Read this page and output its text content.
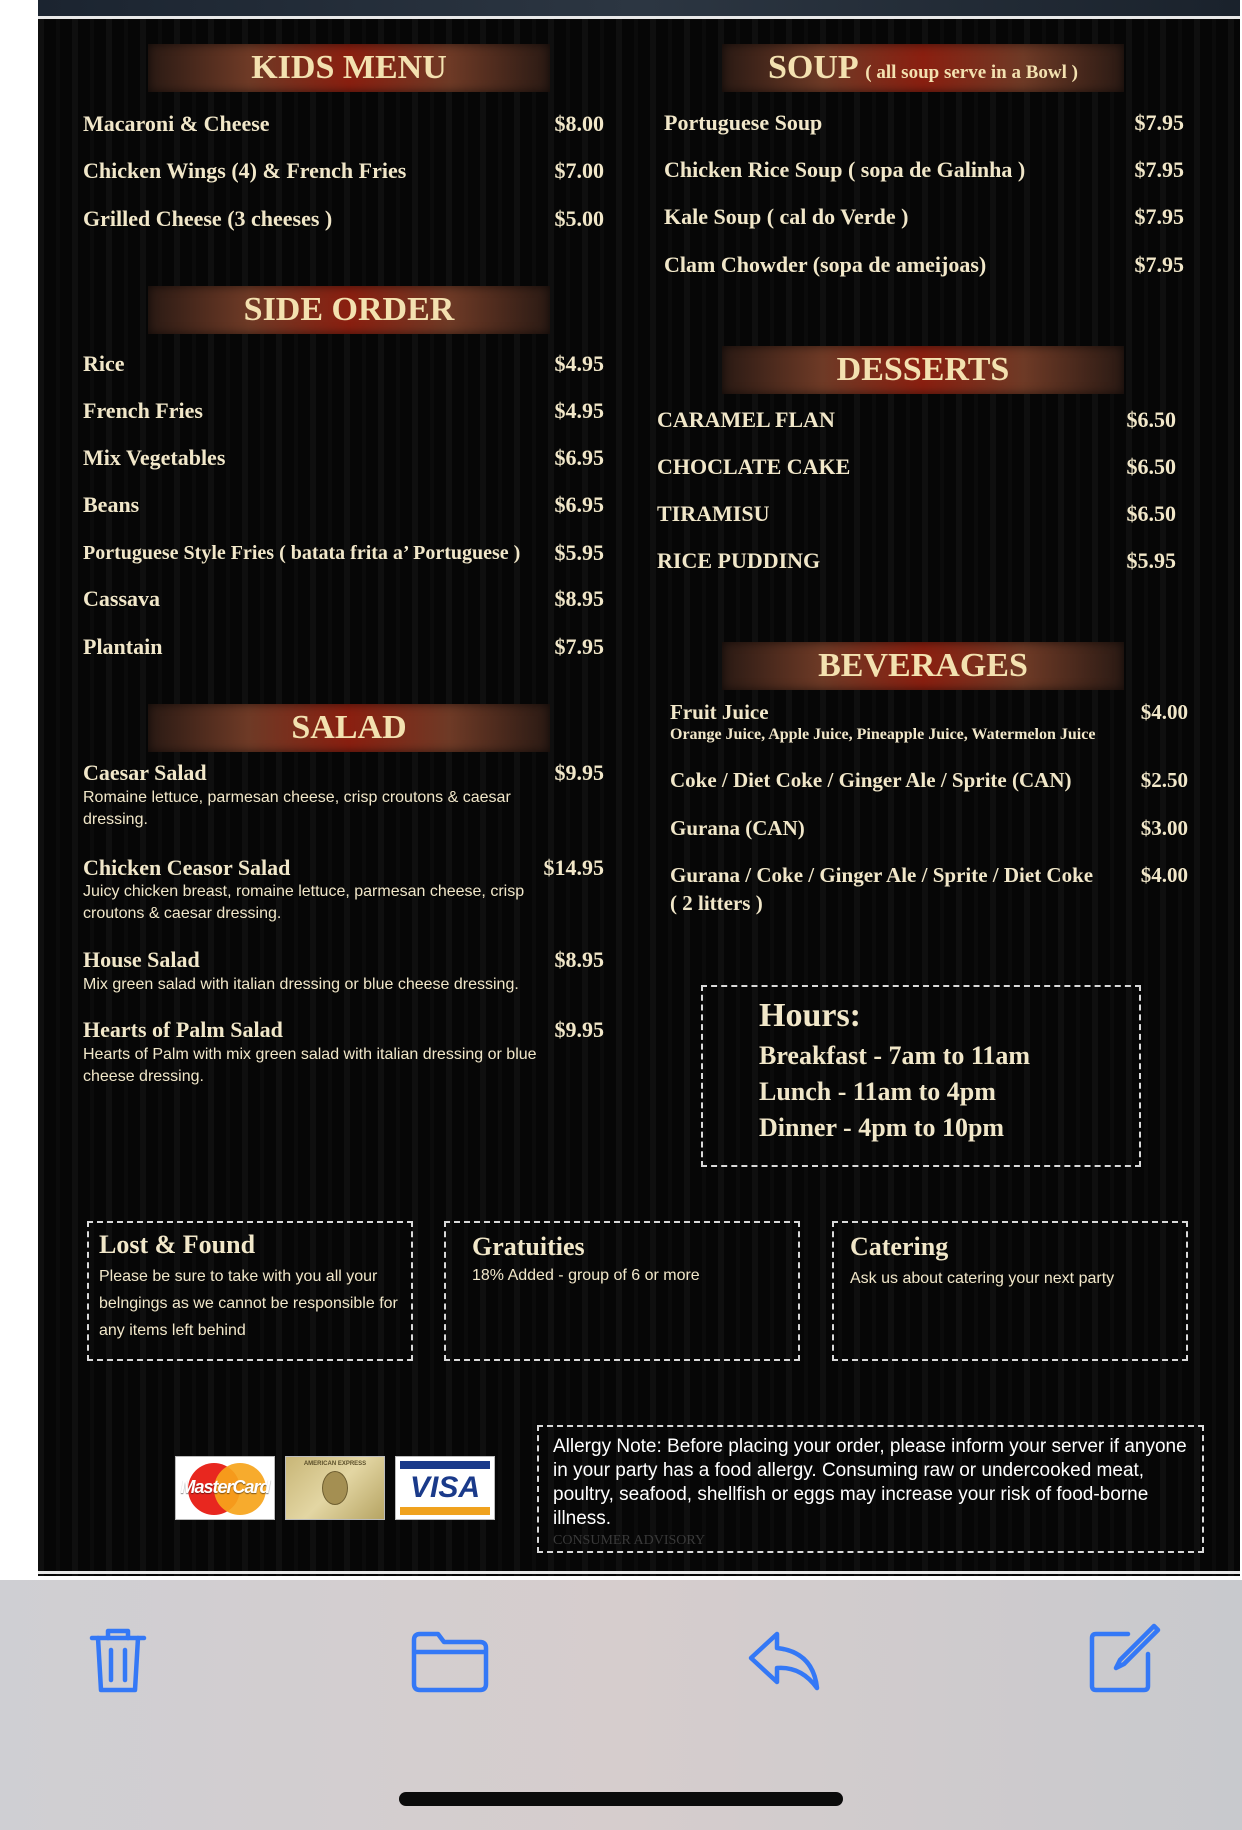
KIDS MENU
Macaroni & Cheese	$8.00
Chicken Wings (4) & French Fries	$7.00
Grilled Cheese (3 cheeses )	$5.00
SIDE ORDER
Rice	$4.95
French Fries	$4.95
Mix Vegetables	$6.95
Beans	$6.95
Portuguese Style Fries ( batata frita a’ Portuguese )	$5.95
Cassava	$8.95
Plantain	$7.95
SALAD
Caesar Salad	$9.95
Romaine lettuce, parmesan cheese, crisp croutons & caesar dressing.
Chicken Ceasor Salad	$14.95
Juicy chicken breast, romaine lettuce, parmesan cheese, crisp croutons & caesar dressing.
House Salad	$8.95
Mix green salad with italian dressing or blue cheese dressing.
Hearts of Palm Salad	$9.95
Hearts of Palm with mix green salad with italian dressing or blue cheese dressing.
SOUP ( all soup serve in a Bowl )
Portuguese Soup	$7.95
Chicken Rice Soup ( sopa de Galinha )	$7.95
Kale Soup ( cal do Verde )	$7.95
Clam Chowder (sopa de ameijoas)	$7.95
DESSERTS
CARAMEL FLAN	$6.50
CHOCLATE CAKE	$6.50
TIRAMISU	$6.50
RICE PUDDING	$5.95
BEVERAGES
Fruit Juice	$4.00
Orange Juice, Apple Juice, Pineapple Juice, Watermelon Juice
Coke / Diet Coke / Ginger Ale / Sprite (CAN)	$2.50
Gurana (CAN)	$3.00
Gurana / Coke / Ginger Ale / Sprite / Diet Coke	$4.00
( 2 litters )
Hours:
Breakfast - 7am to 11am
Lunch - 11am to 4pm
Dinner - 4pm to 10pm
Lost & Found
Please be sure to take with you all your belngings as we cannot be responsible for any items left behind
Gratuities
18% Added - group of 6 or more
Catering
Ask us about catering your next party
MasterCard
AMERICAN EXPRESS
VISA
Allergy Note: Before placing your order, please inform your server if anyone in your party has a food allergy. Consuming raw or undercooked meat, poultry, seafood, shellfish or eggs may increase your risk of food-borne illness.
CONSUMER ADVISORY
